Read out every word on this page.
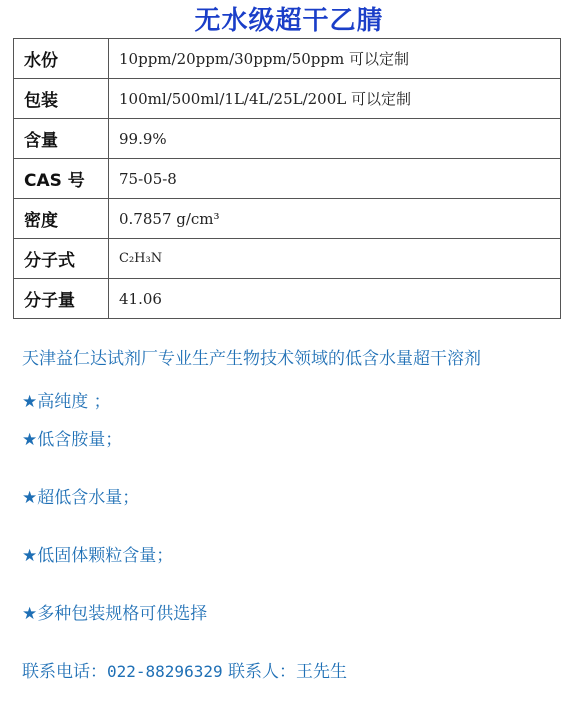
无水级超干乙腈
水份	10ppm/20ppm/30ppm/50ppm 可以定制
包装	100ml/500ml/1L/4L/25L/200L 可以定制
含量	99.9%
CAS 号	75-05-8
密度	0.7857 g/cm³
分子式	C₂H₃N
分子量	41.06
天津益仁达试剂厂专业生产生物技术领域的低含水量超干溶剂
★高纯度 ；
★低含胺量；
★超低含水量；
★低固体颗粒含量；
★多种包装规格可供选择
联系电话：022-88296329 联系人：王先生
